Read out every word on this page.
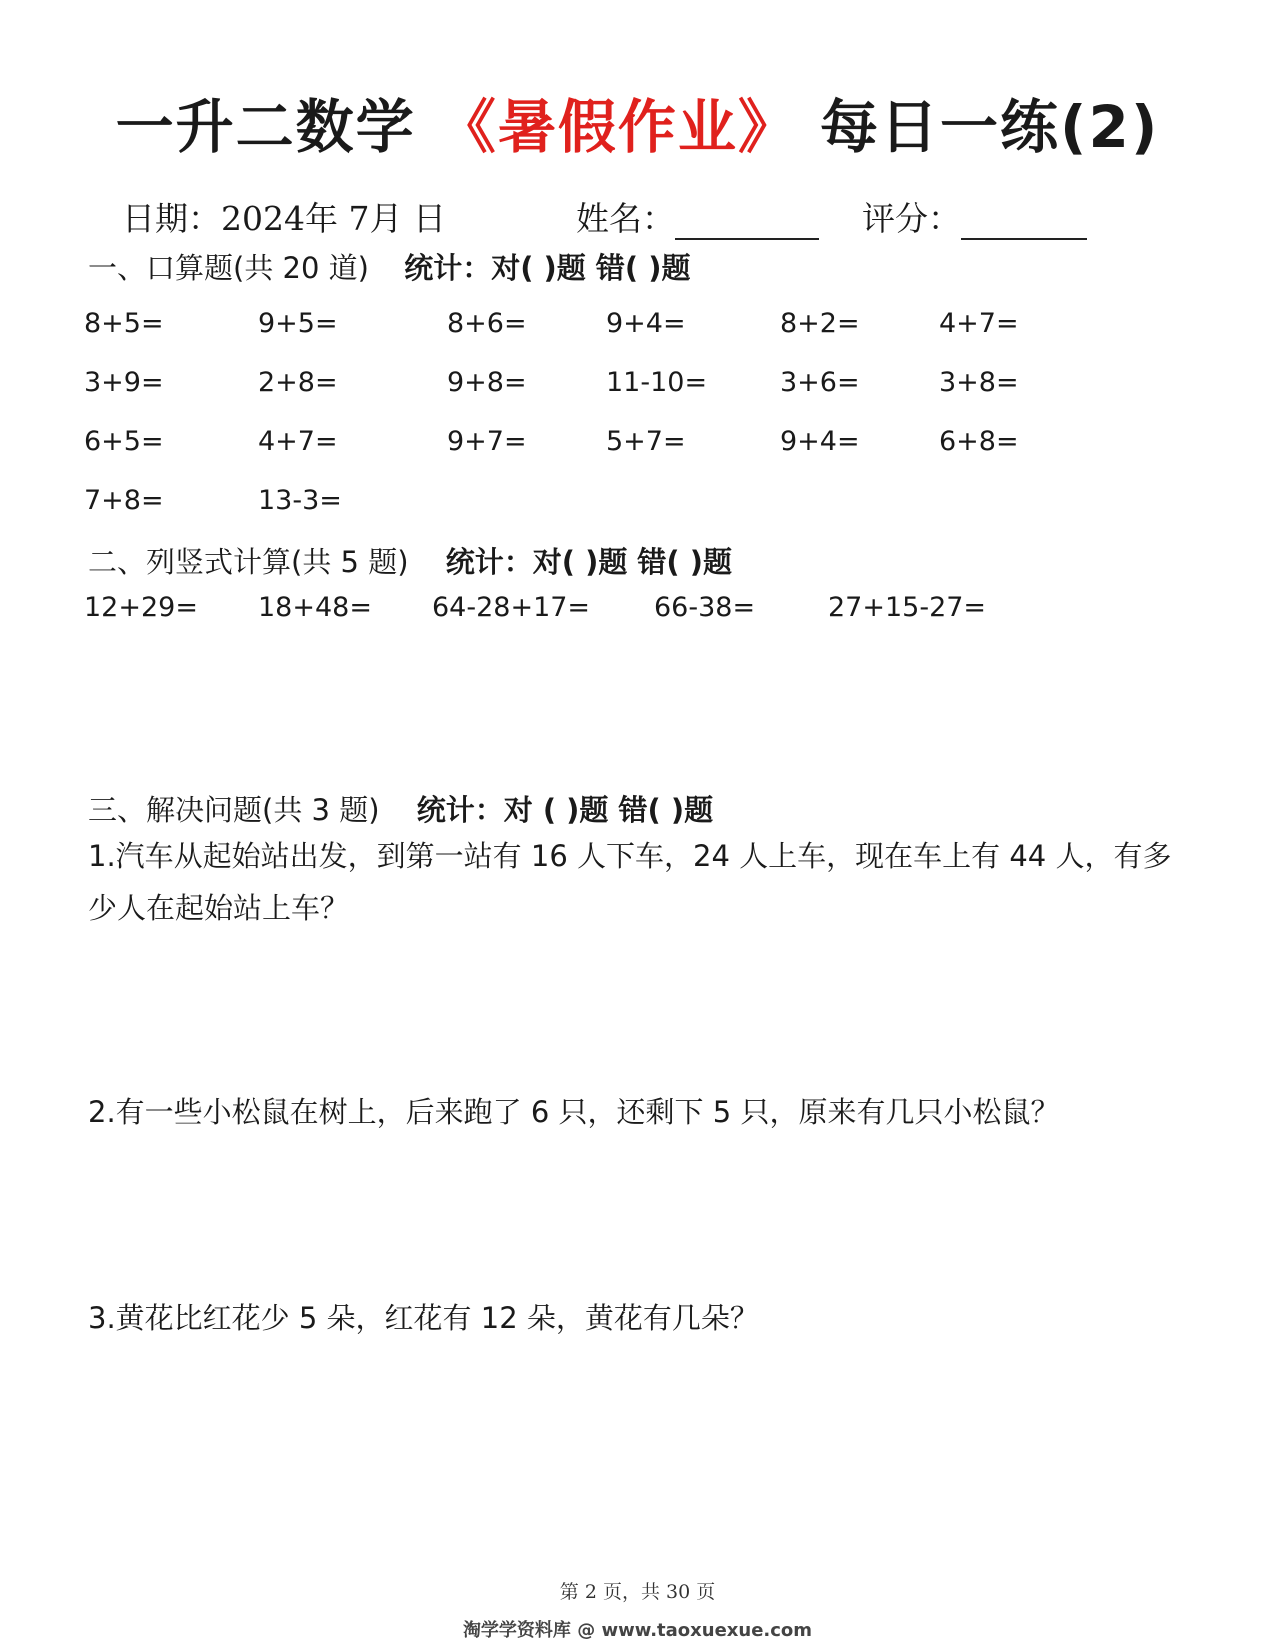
一升二数学 《暑假作业》 每日一练(2)
日期：2024年 7月 日	姓名：	评分：
一、口算题(共 20 道) 统计：对( )题 错( )题
8+5=	9+5=	8+6=	9+4=	8+2=	4+7=
3+9=	2+8=	9+8=	11-10=	3+6=	3+8=
6+5=	4+7=	9+7=	5+7=	9+4=	6+8=
7+8=	13-3=
二、列竖式计算(共 5 题) 统计：对( )题 错( )题
12+29= 18+48= 64-28+17= 66-38=	27+15-27=
三、解决问题(共 3 题) 统计：对 ( )题 错( )题
1.汽车从起始站出发，到第一站有 16 人下车，24 人上车，现在车上有 44 人，有多少人在起始站上车？
2.有一些小松鼠在树上，后来跑了 6 只，还剩下 5 只，原来有几只小松鼠？
3.黄花比红花少 5 朵，红花有 12 朵，黄花有几朵？
第 2 页，共 30 页
淘学学资料库 @ www.taoxuexue.com
